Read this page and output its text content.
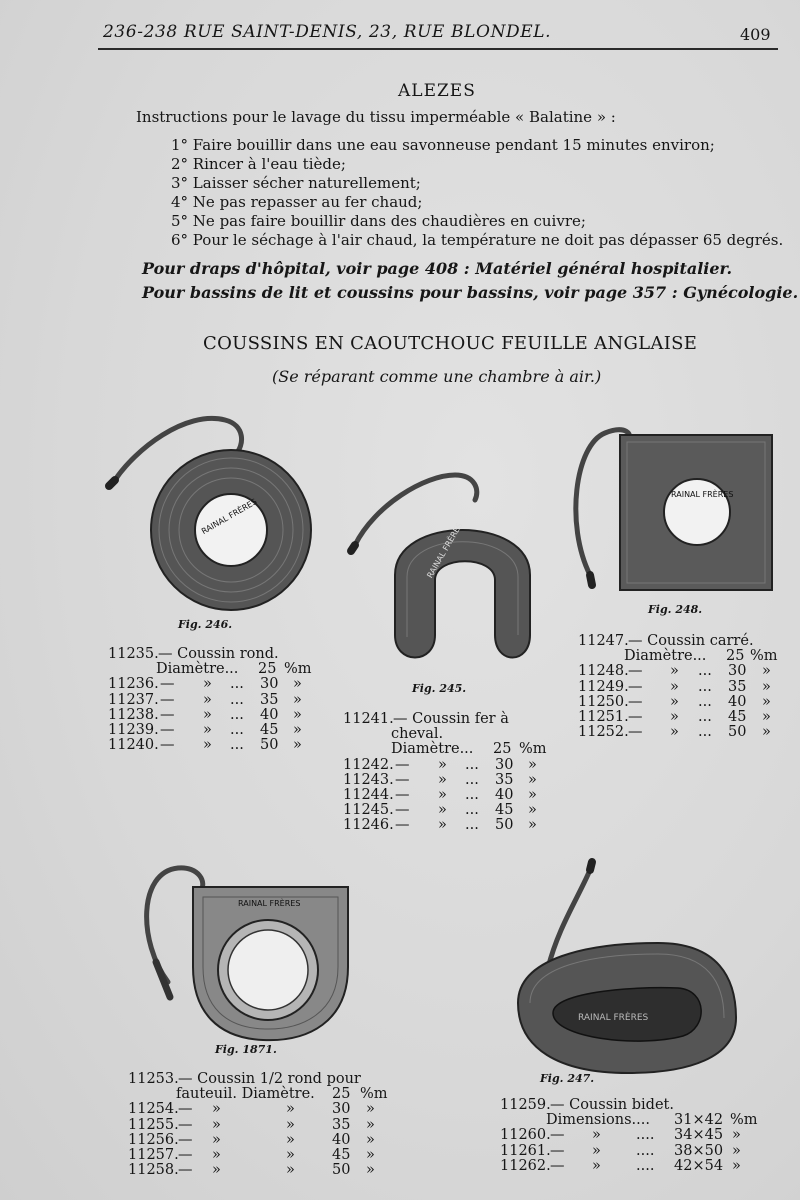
236-238 RUE SAINT-DENIS, 23, RUE BLONDEL.	409
ALEZES
Instructions pour le lavage du tissu imperméable « Balatine » :
1° Faire bouillir dans une eau savonneuse pendant 15 minutes environ;
2° Rincer à l'eau tiède;
3° Laisser sécher naturellement;
4° Ne pas repasser au fer chaud;
5° Ne pas faire bouillir dans des chaudières en cuivre;
6° Pour le séchage à l'air chaud, la température ne doit pas dépasser 65 degrés.
Pour draps d'hôpital, voir page 408 : Matériel général hospitalier.
Pour bassins de lit et coussins pour bassins, voir page 357 : Gynécologie.
COUSSINS EN CAOUTCHOUC FEUILLE ANGLAISE
(Se réparant comme une chambre à air.)
RAINAL FRÈRES
Fig. 246.
RAINAL FRÈRES
Fig. 245.
RAINAL FRÈRES
Fig. 248.
11235. — Coussin rond.
Diamètre... 25 %m
11236. — » ... 30 »
11237. — » ... 35 »
11238. — » ... 40 »
11239. — » ... 45 »
11240. — » ... 50 »
11241. — Coussin fer à
cheval.
Diamètre... 25 %m
11242. — » ... 30 »
11243. — » ... 35 »
11244. — » ... 40 »
11245. — » ... 45 »
11246. — » ... 50 »
11247. — Coussin carré.
Diamètre... 25 %m
11248. — » ... 30 »
11249. — » ... 35 »
11250. — » ... 40 »
11251. — » ... 45 »
11252. — » ... 50 »
RAINAL FRÈRES
Fig. 1871.
RAINAL FRÈRES
Fig. 247.
11253. — Coussin 1/2 rond pour
fauteuil. Diamètre. 25 %m
11254. — »	»	30 »
11255. — »	»	35 »
11256. — »	»	40 »
11257. — »	»	45 »
11258. — »	»	50 »
11259. — Coussin bidet.
Dimensions.... 31×42 %m
11260. — » .... 34×45 »
11261. — » .... 38×50 »
11262. — » .... 42×54 »
